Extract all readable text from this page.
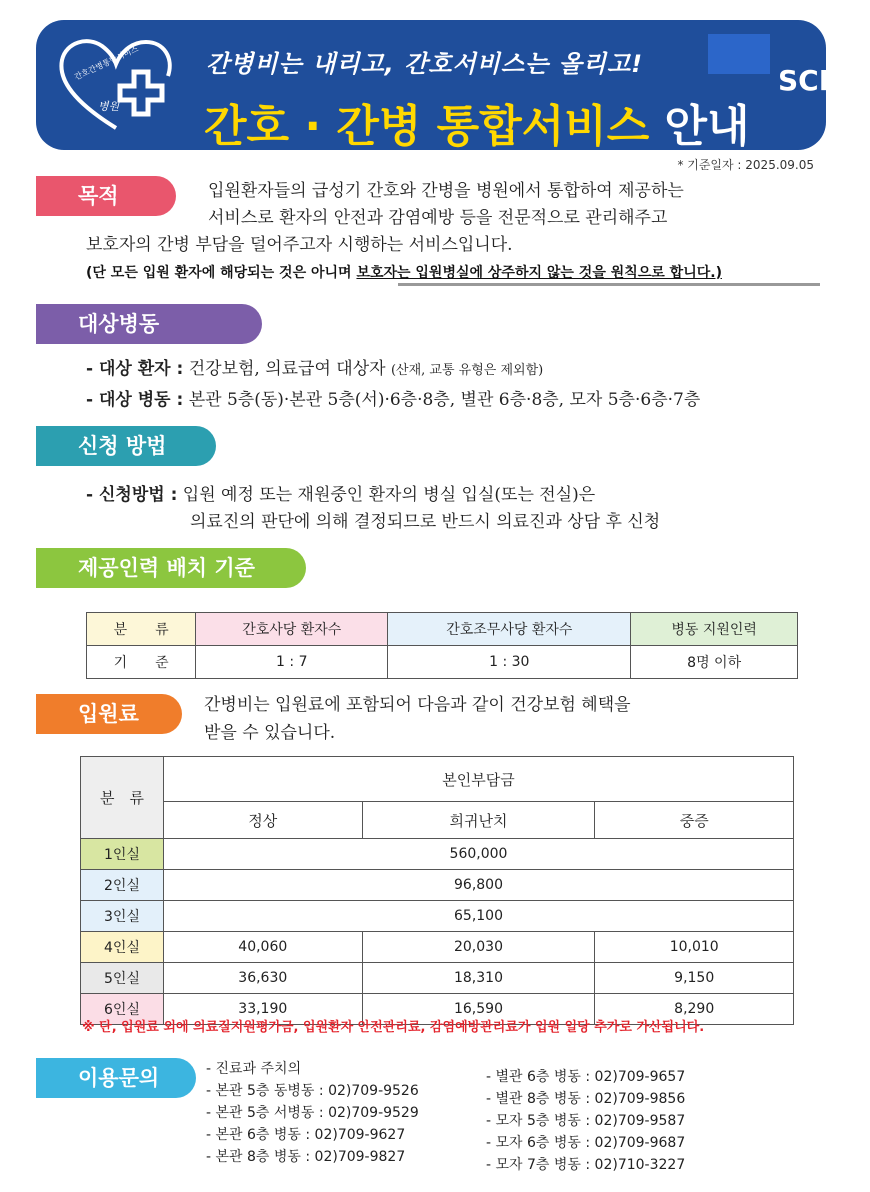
간호간병통합서비스
병원
간병비는 내리고, 간호서비스는 올리고!	SCH
간호 · 간병 통합서비스 안내
* 기준일자 : 2025.09.05
목적	입원환자들의 급성기 간호와 간병을 병원에서 통합하여 제공하는
서비스로 환자의 안전과 감염예방 등을 전문적으로 관리해주고
보호자의 간병 부담을 덜어주고자 시행하는 서비스입니다.
(단 모든 입원 환자에 해당되는 것은 아니며 보호자는 입원병실에 상주하지 않는 것을 원칙으로 합니다.)
대상병동
- 대상 환자 : 건강보험, 의료급여 대상자 (산재, 교통 유형은 제외함)
- 대상 병동 : 본관 5층(동)·본관 5층(서)·6층·8층, 별관 6층·8층, 모자 5층·6층·7층
신청 방법
- 신청방법 : 입원 예정 또는 재원중인 환자의 병실 입실(또는 전실)은
의료진의 판단에 의해 결정되므로 반드시 의료진과 상담 후 신청
제공인력 배치 기준
분　　류	간호사당 환자수	간호조무사당 환자수	병동 지원인력
기　　준	1 : 7	1 : 30	8명 이하
입원료	간병비는 입원료에 포함되어 다음과 같이 건강보험 혜택을
받을 수 있습니다.
분　류	본인부담금		
	정상	희귀난치	중증
1인실	560,000		
2인실	96,800		
3인실	65,100		
4인실	40,060	20,030	10,010
5인실	36,630	18,310	9,150
6인실	33,190	16,590	8,290
※ 단, 입원료 외에 의료질지원평가금, 입원환자 안전관리료, 감염예방관리료가 입원 일당 추가로 가산됩니다.
이용문의	- 진료과 주치의
- 본관 5층 동병동 : 02)709-9526
- 본관 5층 서병동 : 02)709-9529
- 본관 6층 병동 : 02)709-9627
- 본관 8층 병동 : 02)709-9827
- 별관 6층 병동 : 02)709-9657
- 별관 8층 병동 : 02)709-9856
- 모자 5층 병동 : 02)709-9587
- 모자 6층 병동 : 02)709-9687
- 모자 7층 병동 : 02)710-3227
